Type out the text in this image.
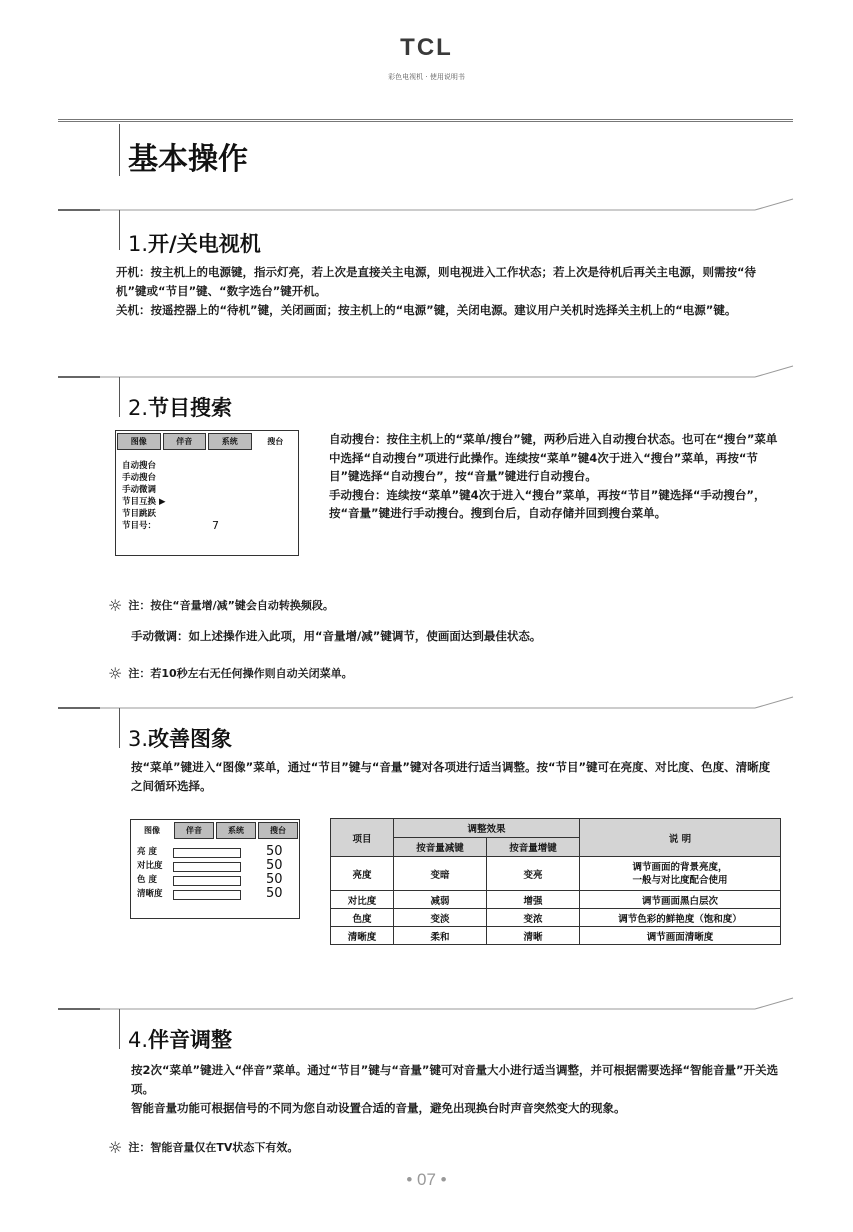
TCL
彩色电视机 · 使用说明书
基本操作
1.开/关电视机

开机：按主机上的电源键，指示灯亮，若上次是直接关主电源，则电视进入工作状态；若上次是待机后再关主电源，则需按“待机”键或“节目”键、“数字选台”键开机。

关机：按遥控器上的“待机”键，关闭画面；按主机上的“电源”键，关闭电源。建议用户关机时选择关主机上的“电源”键。

2.节目搜索
图像	伴音	系统	搜台
自动搜台
手动搜台
手动微调
节目互换 ▶
节目跳跃
节目号：	7

自动搜台：按住主机上的“菜单/搜台”键，两秒后进入自动搜台状态。也可在“搜台”菜单中选择“自动搜台”项进行此操作。连续按“菜单”键4次于进入“搜台”菜单，再按“节目”键选择“自动搜台”，按“音量”键进行自动搜台。

手动搜台：连续按“菜单”键4次于进入“搜台”菜单，再按“节目”键选择“手动搜台”，按“音量”键进行手动搜台。搜到台后，自动存储并回到搜台菜单。

☼ 注：按住“音量增/减”键会自动转换频段。
手动微调：如上述操作进入此项，用“音量增/减”键调节，使画面达到最佳状态。
☼ 注：若10秒左右无任何操作则自动关闭菜单。
3.改善图象
按“菜单”键进入“图像”菜单，通过“节目”键与“音量”键对各项进行适当调整。按“节目”键可在亮度、对比度、色度、清晰度之间循环选择。
图像	伴音	系统	搜台
亮 度	50
对比度	50
色 度	50
清晰度	50
项目	调整效果		说 明
	按音量减键	按音量增键	
亮度	变暗	变亮	调节画面的背景亮度，
一般与对比度配合使用
对比度	减弱	增强	调节画面黑白层次
色度	变淡	变浓	调节色彩的鲜艳度（饱和度）
清晰度	柔和	清晰	调节画面清晰度
4.伴音调整

按2次“菜单”键进入“伴音”菜单。通过“节目”键与“音量”键可对音量大小进行适当调整，并可根据需要选择“智能音量”开关选项。

智能音量功能可根据信号的不同为您自动设置合适的音量，避免出现换台时声音突然变大的现象。

☼ 注：智能音量仅在TV状态下有效。
• 07 •
